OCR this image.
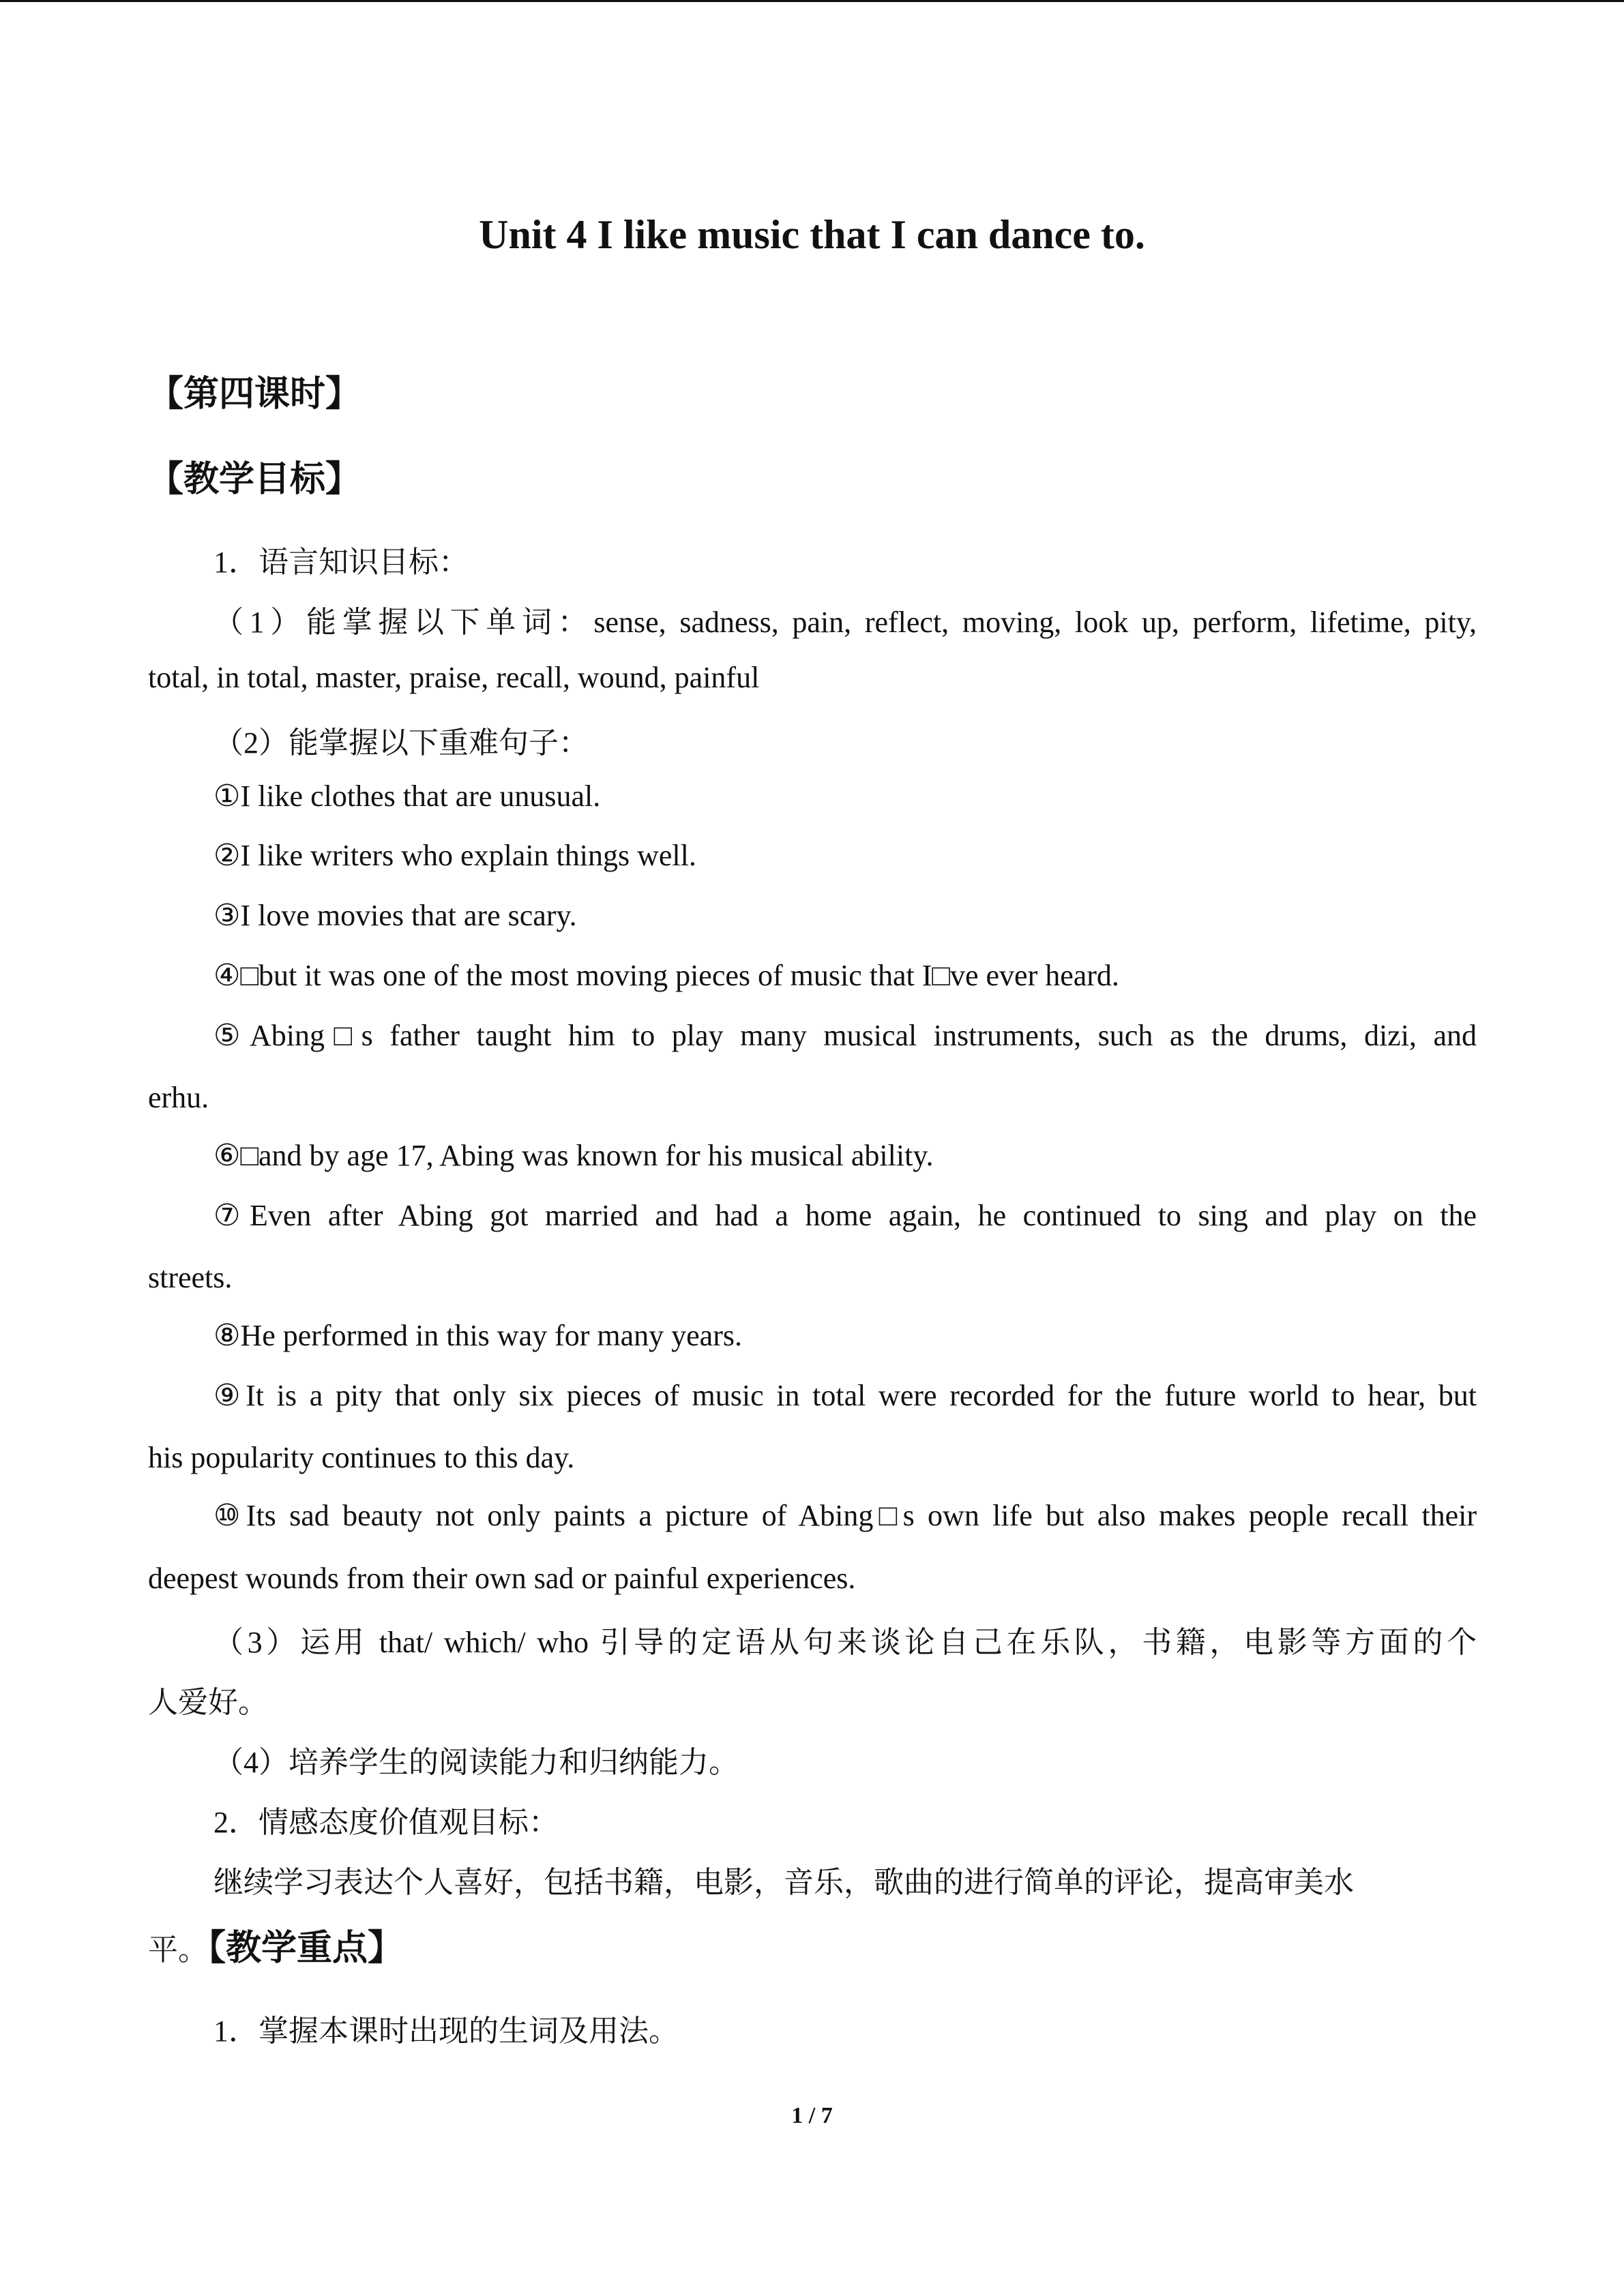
Unit 4 I like music that I can dance to.
【第四课时】
【教学目标】
1．语言知识目标：
（1）能掌握以下单词：sense, sadness, pain, reflect, moving, look up, perform, lifetime, pity,
total, in total, master, praise, recall, wound, painful
（2）能掌握以下重难句子：
①I like clothes that are unusual.
②I like writers who explain things well.
③I love movies that are scary.
④□but it was one of the most moving pieces of music that I□ve ever heard.
⑤Abing□s father taught him to play many musical instruments, such as the drums, dizi, and
erhu.
⑥□and by age 17, Abing was known for his musical ability.
⑦Even after Abing got married and had a home again, he continued to sing and play on the
streets.
⑧He performed in this way for many years.
⑨It is a pity that only six pieces of music in total were recorded for the future world to hear, but
his popularity continues to this day.
⑩Its sad beauty not only paints a picture of Abing□s own life but also makes people recall their
deepest wounds from their own sad or painful experiences.
（3）运用 that/ which/ who 引导的定语从句来谈论自己在乐队，书籍，电影等方面的个
人爱好。
（4）培养学生的阅读能力和归纳能力。
2．情感态度价值观目标：
继续学习表达个人喜好，包括书籍，电影，音乐，歌曲的进行简单的评论，提高审美水
平。【教学重点】
1．掌握本课时出现的生词及用法。
1 / 7
